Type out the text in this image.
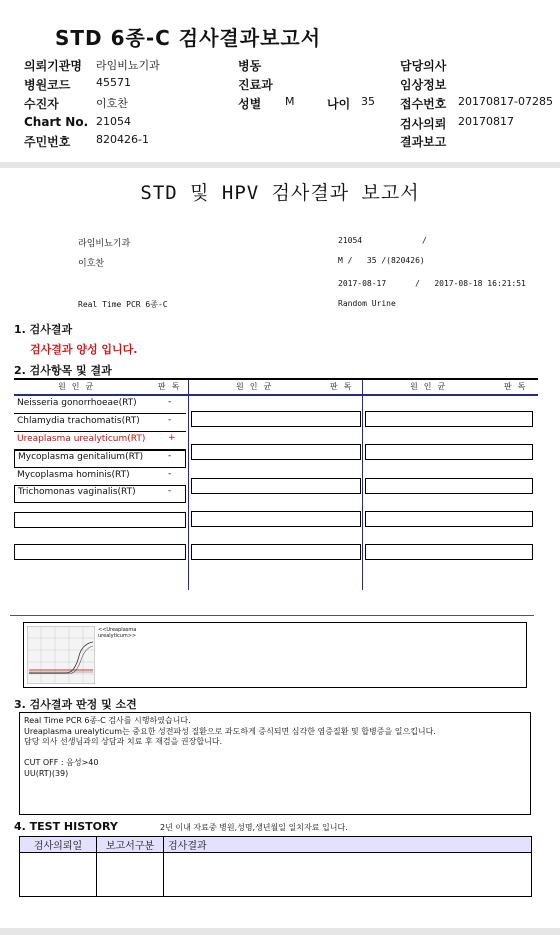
STD 6종-C 검사결과보고서
의뢰기관명 라임비뇨기과	병동	담당의사
병원코드 45571	진료과	임상정보
수진자	이호찬	성별 M	나이 35 접수번호 20170817-07285
Chart No. 21054	검사의뢰 20170817
주민번호 820426-1	결과보고
STD 및 HPV 검사결과 보고서
라임비뇨기과	21054	/
이호찬	M /   35 /(820426)
2017-08-17      /   2017-08-18 16:21:51
Real Time PCR 6종-C	Random Urine
1. 검사결과
검사결과 양성 입니다.
2. 검사항목 및 결과
원인균	판독	원인균	판독	원인균	판독
Neisseria gonorrhoeae(RT)	-
Chlamydia trachomatis(RT)	-
Ureaplasma urealyticum(RT)	+
Mycoplasma genitalium(RT)	-
Mycoplasma hominis(RT)	-
Trichomonas vaginalis(RT)	-
<<Ureaplasma
urealyticum>>
3. 검사결과 판정 및 소견
Real Time PCR 6종-C 검사를 시행하였습니다.
Ureaplasma urealyticum는 중요한 성전파성 질환으로 과도하게 증식되면 심각한 염증질환 및 합병증을 일으킵니다.
담당 의사 선생님과의 상담과 치료 후 재검을 권장합니다.
CUT OFF : 음성>40
UU(RT)(39)
4. TEST HISTORY	2년 이내 자료중 병원,성명,생년월일 일치자료 입니다.
검사의뢰일	보고서구분	검사결과
